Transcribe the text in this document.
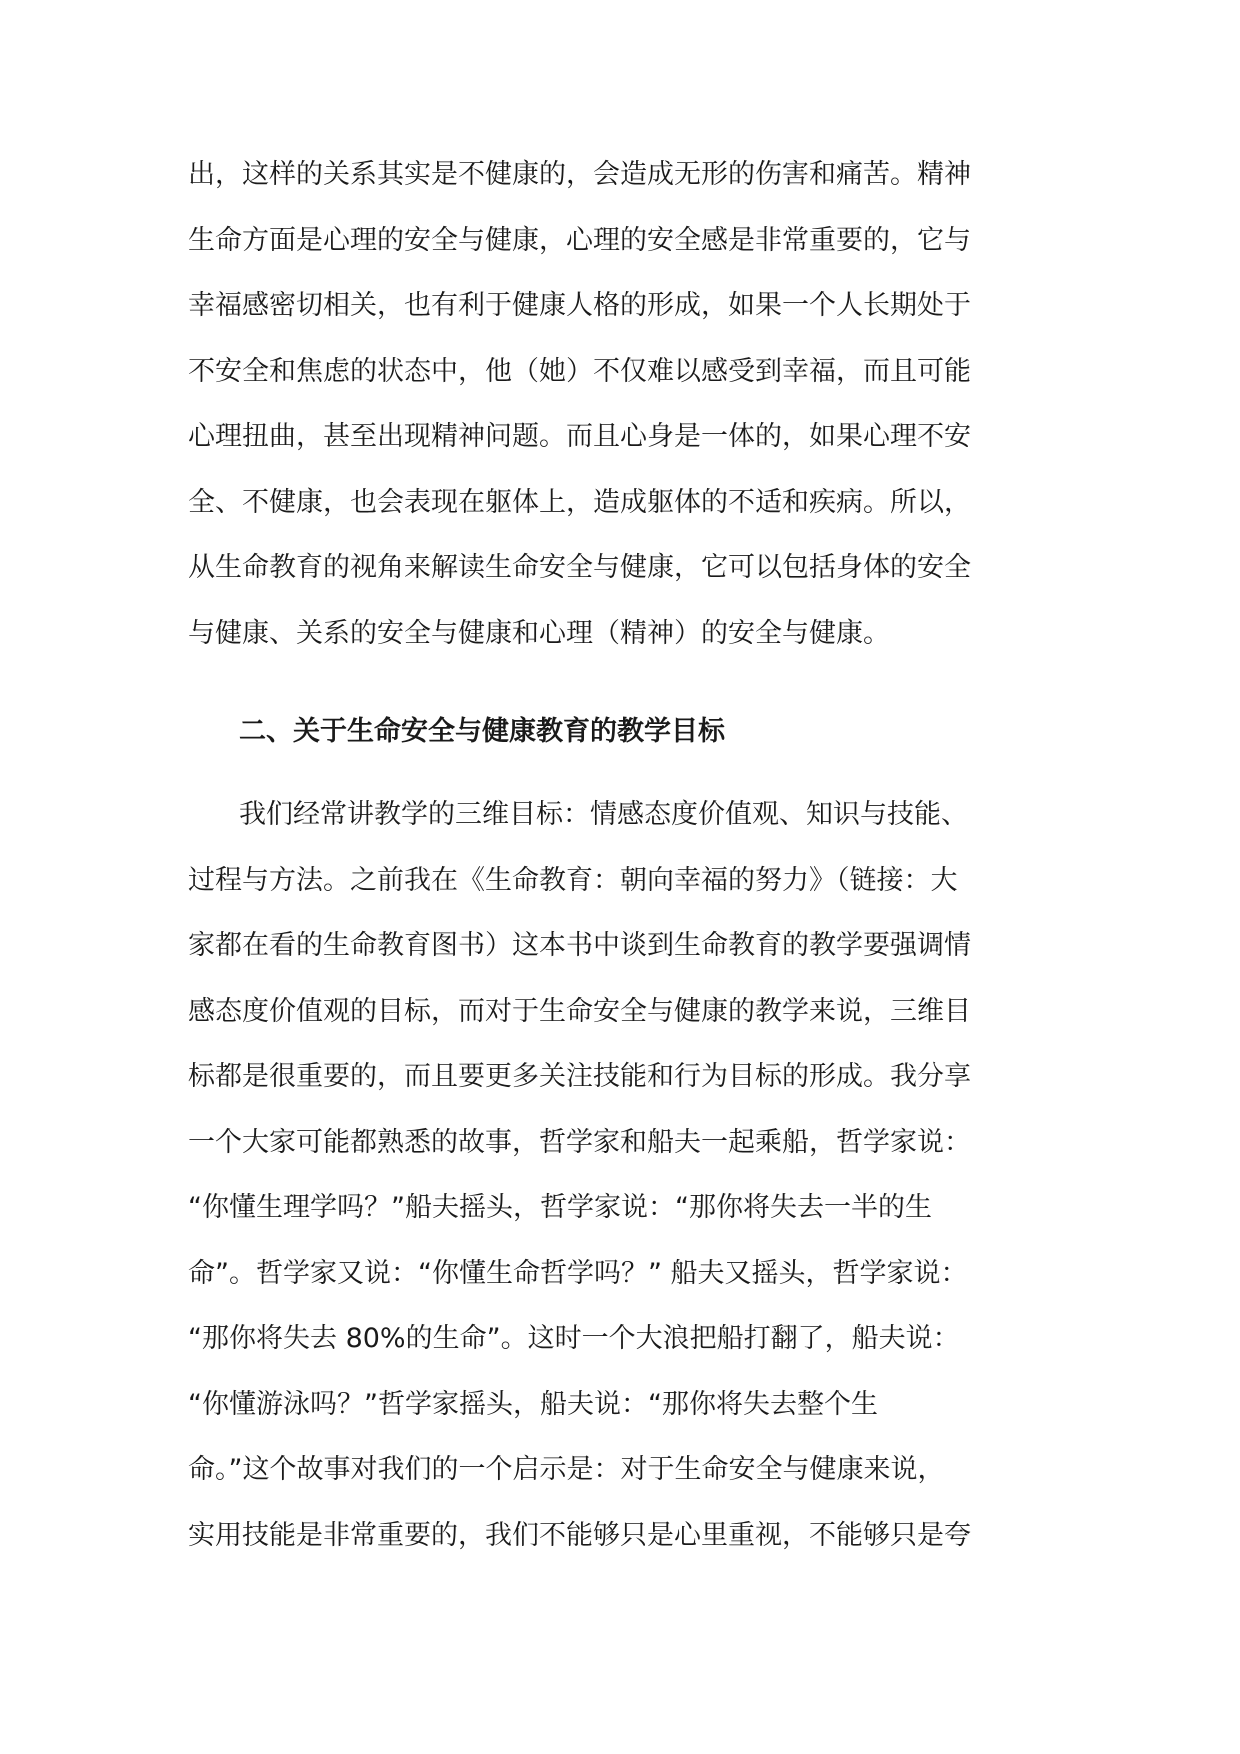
出，这样的关系其实是不健康的，会造成无形的伤害和痛苦。精神
生命方面是心理的安全与健康，心理的安全感是非常重要的，它与
幸福感密切相关，也有利于健康人格的形成，如果一个人长期处于
不安全和焦虑的状态中，他（她）不仅难以感受到幸福，而且可能
心理扭曲，甚至出现精神问题。而且心身是一体的，如果心理不安
全、不健康，也会表现在躯体上，造成躯体的不适和疾病。所以，
从生命教育的视角来解读生命安全与健康，它可以包括身体的安全
与健康、关系的安全与健康和心理（精神）的安全与健康。
二、关于生命安全与健康教育的教学目标
我们经常讲教学的三维目标：情感态度价值观、知识与技能、
过程与方法。之前我在《生命教育：朝向幸福的努力》（链接：大
家都在看的生命教育图书）这本书中谈到生命教育的教学要强调情
感态度价值观的目标，而对于生命安全与健康的教学来说，三维目
标都是很重要的，而且要更多关注技能和行为目标的形成。我分享
一个大家可能都熟悉的故事，哲学家和船夫一起乘船，哲学家说：
“你懂生理学吗？”船夫摇头，哲学家说：“那你将失去一半的生
命”。哲学家又说：“你懂生命哲学吗？” 船夫又摇头，哲学家说：
“那你将失去 80%的生命”。这时一个大浪把船打翻了，船夫说：
“你懂游泳吗？”哲学家摇头，船夫说：“那你将失去整个生
命。”这个故事对我们的一个启示是：对于生命安全与健康来说，
实用技能是非常重要的，我们不能够只是心里重视，不能够只是夸
